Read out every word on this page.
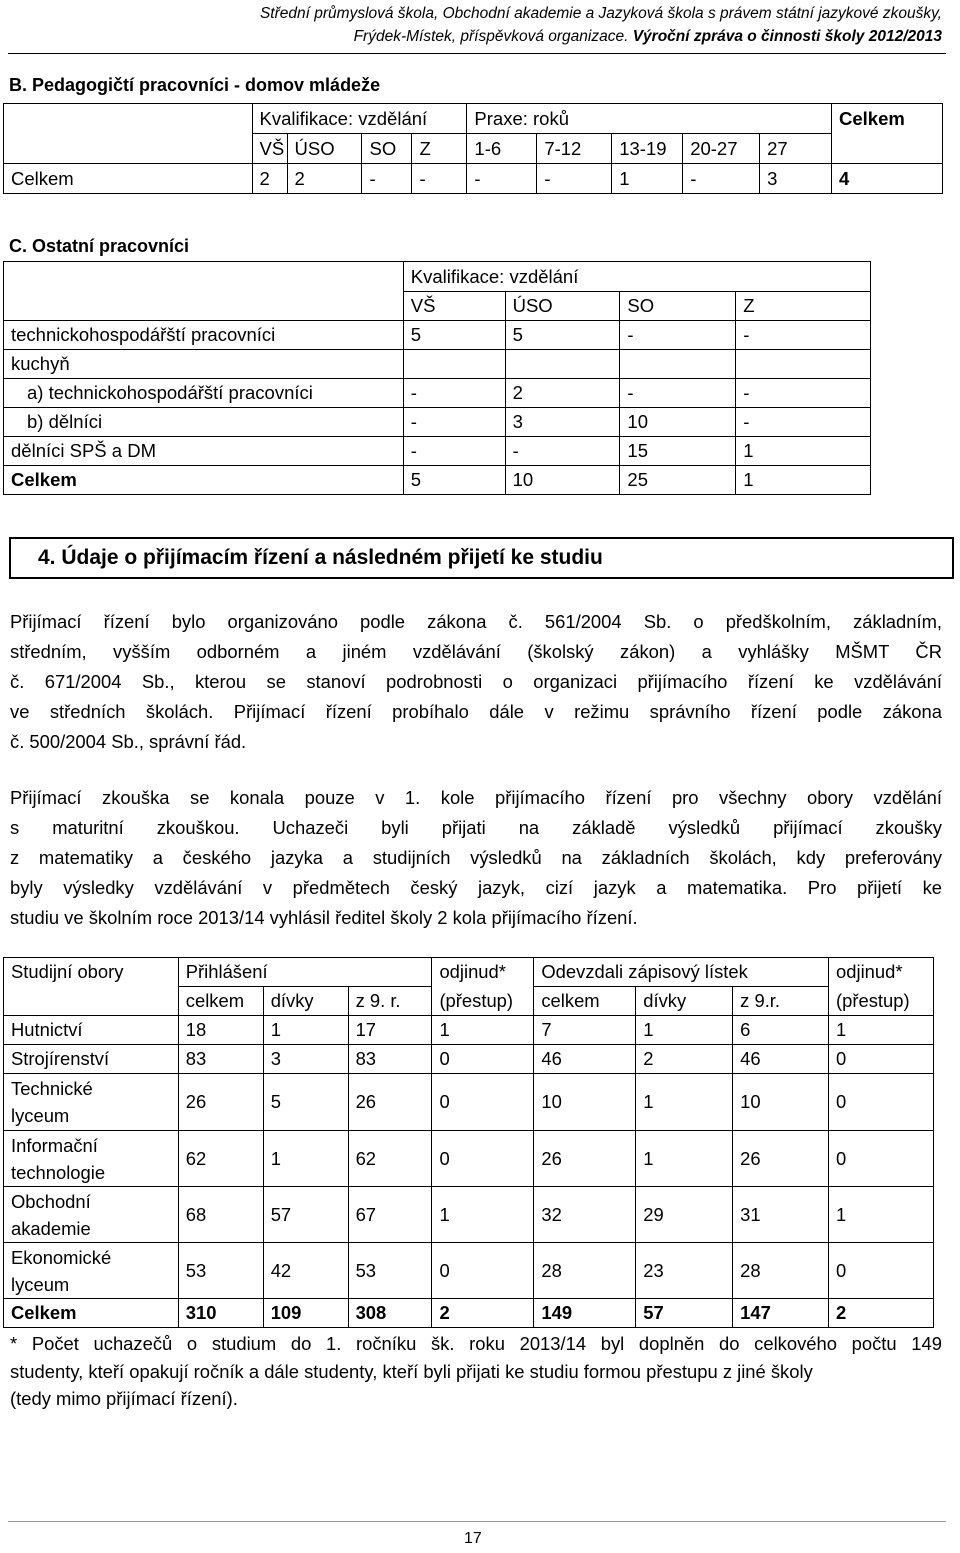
Střední průmyslová škola, Obchodní akademie a Jazyková škola s právem státní jazykové zkoušky,
Frýdek-Místek, příspěvková organizace. Výroční zpráva o činnosti školy 2012/2013
B. Pedagogičtí pracovníci - domov mládeže
	Kvalifikace: vzdělání				Praxe: roků					Celkem
	VŠ	ÚSO	SO	Z	1-6	7-12	13-19	20-27	27	
Celkem	2	2	-	-	-	-	1	-	3	4
C. Ostatní pracovníci
	Kvalifikace: vzdělání			
	VŠ	ÚSO	SO	Z
technickohospodářští pracovníci	5	5	-	-
kuchyň				
a) technickohospodářští pracovníci	-	2	-	-
b) dělníci	-	3	10	-
dělníci SPŠ a DM	-	-	15	1
Celkem	5	10	25	1
4. Údaje o přijímacím řízení a následném přijetí ke studiu
Přijímací řízení bylo organizováno podle zákona č. 561/2004 Sb. o předškolním, základním,
středním, vyšším odborném a jiném vzdělávání (školský zákon) a vyhlášky MŠMT ČR
č. 671/2004 Sb., kterou se stanoví podrobnosti o organizaci přijímacího řízení ke vzdělávání
ve středních školách. Přijímací řízení probíhalo dále v režimu správního řízení podle zákona
č. 500/2004 Sb., správní řád.
Přijímací zkouška se konala pouze v 1. kole přijímacího řízení pro všechny obory vzdělání
s maturitní zkouškou. Uchazeči byli přijati na základě výsledků přijímací zkoušky
z matematiky a českého jazyka a studijních výsledků na základních školách, kdy preferovány
byly výsledky vzdělávání v předmětech český jazyk, cizí jazyk a matematika. Pro přijetí ke
studiu ve školním roce 2013/14 vyhlásil ředitel školy 2 kola přijímacího řízení.
Studijní obory	Přihlášení			odjinud*	Odevzdali zápisový lístek			odjinud*
	celkem	dívky	z 9. r.	(přestup)	celkem	dívky	z 9.r.	(přestup)
Hutnictví	18	1	17	1	7	1	6	1
Strojírenství	83	3	83	0	46	2	46	0

Technické
lyceum	26	5	26	0	10	1	10	0

Informační
technologie	62	1	62	0	26	1	26	0

Obchodní
akademie	68	57	67	1	32	29	31	1

Ekonomické
lyceum	53	42	53	0	28	23	28	0
Celkem	310	109	308	2	149	57	147	2
* Počet uchazečů o studium do 1. ročníku šk. roku 2013/14 byl doplněn do celkového počtu 149
studenty, kteří opakují ročník a dále studenty, kteří byli přijati ke studiu formou přestupu z jiné školy
(tedy mimo přijímací řízení).
17
